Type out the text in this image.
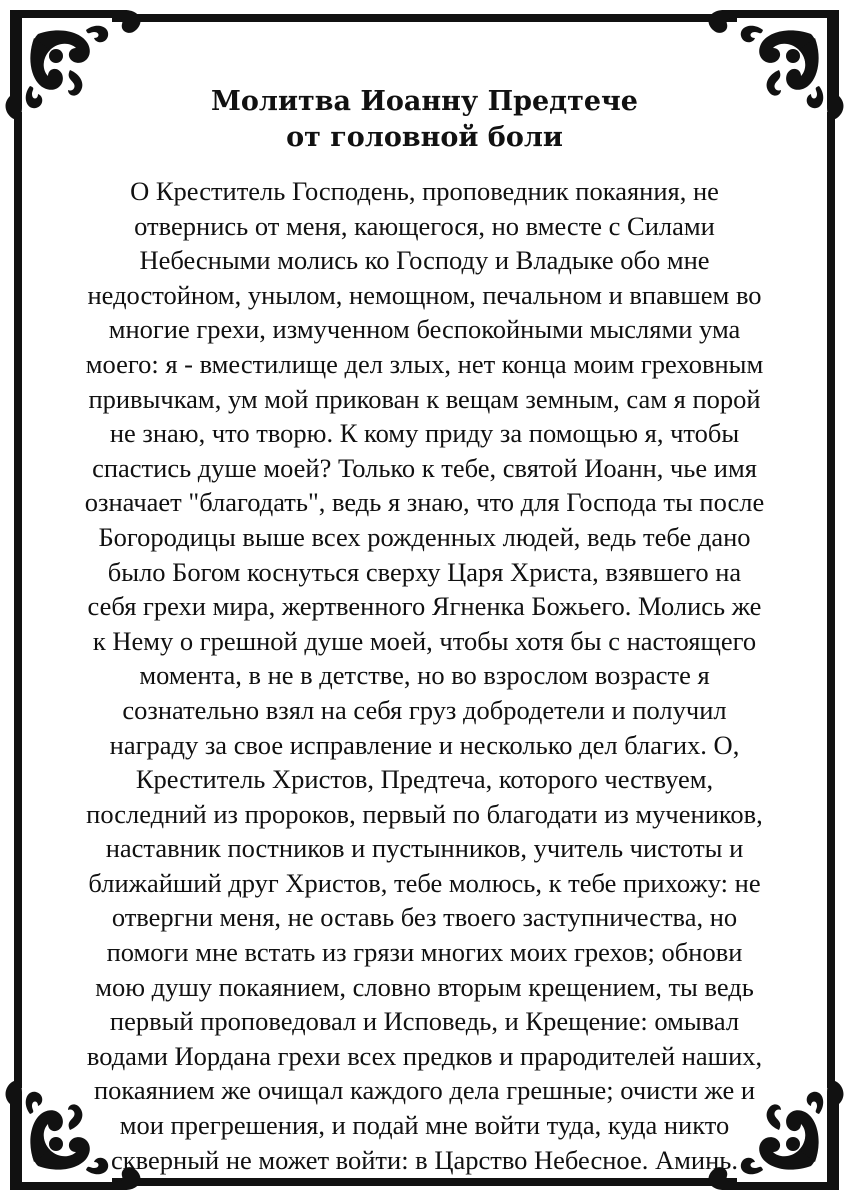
Молитва Иоанну Предтече
от головной боли
О Креститель Господень, проповедник покаяния, не
отвернись от меня, кающегося, но вместе с Силами
Небесными молись ко Господу и Владыке обо мне
недостойном, унылом, немощном, печальном и впавшем во
многие грехи, измученном беспокойными мыслями ума
моего: я - вместилище дел злых, нет конца моим греховным
привычкам, ум мой прикован к вещам земным, сам я порой
не знаю, что творю. К кому приду за помощью я, чтобы
спастись душе моей? Только к тебе, святой Иоанн, чье имя
означает "благодать", ведь я знаю, что для Господа ты после
Богородицы выше всех рожденных людей, ведь тебе дано
было Богом коснуться сверху Царя Христа, взявшего на
себя грехи мира, жертвенного Ягненка Божьего. Молись же
к Нему о грешной душе моей, чтобы хотя бы с настоящего
момента, в не в детстве, но во взрослом возрасте я
сознательно взял на себя груз добродетели и получил
награду за свое исправление и несколько дел благих. О,
Креститель Христов, Предтеча, которого чествуем,
последний из пророков, первый по благодати из мучеников,
наставник постников и пустынников, учитель чистоты и
ближайший друг Христов, тебе молюсь, к тебе прихожу: не
отвергни меня, не оставь без твоего заступничества, но
помоги мне встать из грязи многих моих грехов; обнови
мою душу покаянием, словно вторым крещением, ты ведь
первый проповедовал и Исповедь, и Крещение: омывал
водами Иордана грехи всех предков и прародителей наших,
покаянием же очищал каждого дела грешные; очисти же и
мои прегрешения, и подай мне войти туда, куда никто
скверный не может войти: в Царство Небесное. Аминь.
